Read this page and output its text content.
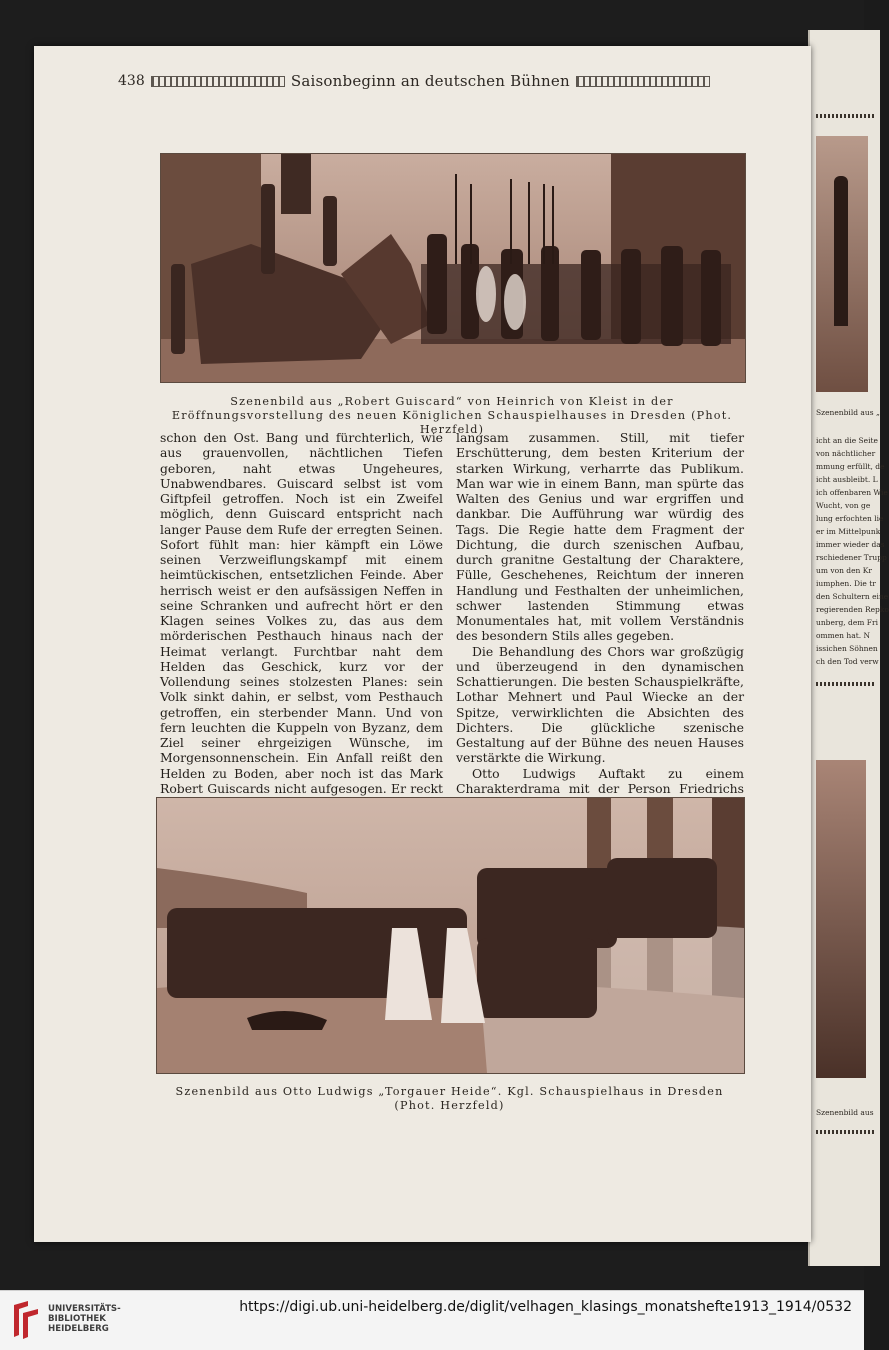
Szenenbild aus „
icht an die Seite
von nächtlicher
mmung erfüllt, de
icht ausbleibt. L
ich offenbaren Wie
Wucht, von ge
lung erfochten lie
er im Mittelpunk
immer wieder das
rschiedener Trupp
um von den Kr
iumphen. Die tr
den Schultern eine
regierenden Repko
unberg, dem Fri
ommen hat. N
issichen Söhnen
ch den Tod verw
Szenenbild aus
438	Saisonbeginn an deutschen Bühnen
Szenenbild aus „Robert Guiscard“ von Heinrich von Kleist in der Eröffnungsvorstellung des neuen Königlichen Schauspielhauses in Dresden (Phot. Herzfeld)

schon den Ost. Bang und fürchterlich, wie aus grauenvollen, nächtlichen Tiefen geboren, naht etwas Ungeheures, Unabwendbares. Guiscard selbst ist vom Giftpfeil getroffen. Noch ist ein Zweifel möglich, denn Guiscard entspricht nach langer Pause dem Rufe der erregten Seinen. Sofort fühlt man: hier kämpft ein Löwe seinen Verzweiflungskampf mit einem heimtückischen, entsetzlichen Feinde. Aber herrisch weist er den aufsässigen Neffen in seine Schranken und aufrecht hört er den Klagen seines Volkes zu, das aus dem mörderischen Pesthauch hinaus nach der Heimat verlangt. Furchtbar naht dem Helden das Geschick, kurz vor der Vollendung seines stolzesten Planes: sein Volk sinkt dahin, er selbst, vom Pesthauch getroffen, ein sterbender Mann. Und von fern leuchten die Kuppeln von Byzanz, dem Ziel seiner ehrgeizigen Wünsche, im Morgensonnenschein. Ein Anfall reißt den Helden zu Boden, aber noch ist das Mark Robert Guiscards nicht aufgesogen. Er reckt

langsam zusammen. Still, mit tiefer Erschütterung, dem besten Kriterium der starken Wirkung, verharrte das Publikum. Man war wie in einem Bann, man spürte das Walten des Genius und war ergriffen und dankbar. Die Aufführung war würdig des Tags. Die Regie hatte dem Fragment der Dichtung, die durch szenischen Aufbau, durch granitne Gestaltung der Charaktere, Fülle, Geschehenes, Reichtum der inneren Handlung und Festhalten der unheimlichen, schwer lastenden Stimmung etwas Monumentales hat, mit vollem Verständnis des besondern Stils alles gegeben.

Die Behandlung des Chors war großzügig und überzeugend in den dynamischen Schattierungen. Die besten Schauspielkräfte, Lothar Mehnert und Paul Wiecke an der Spitze, verwirklichten die Absichten des Dichters. Die glückliche szenische Gestaltung auf der Bühne des neuen Hauses verstärkte die Wirkung.

Otto Ludwigs Auftakt zu einem Charakterdrama mit der Person Friedrichs

Szenenbild aus Otto Ludwigs „Torgauer Heide“. Kgl. Schauspielhaus in Dresden (Phot. Herzfeld)
UNIVERSITÄTS-
BIBLIOTHEK
HEIDELBERG
https://digi.ub.uni-heidelberg.de/diglit/velhagen_klasings_monatshefte1913_1914/0532
